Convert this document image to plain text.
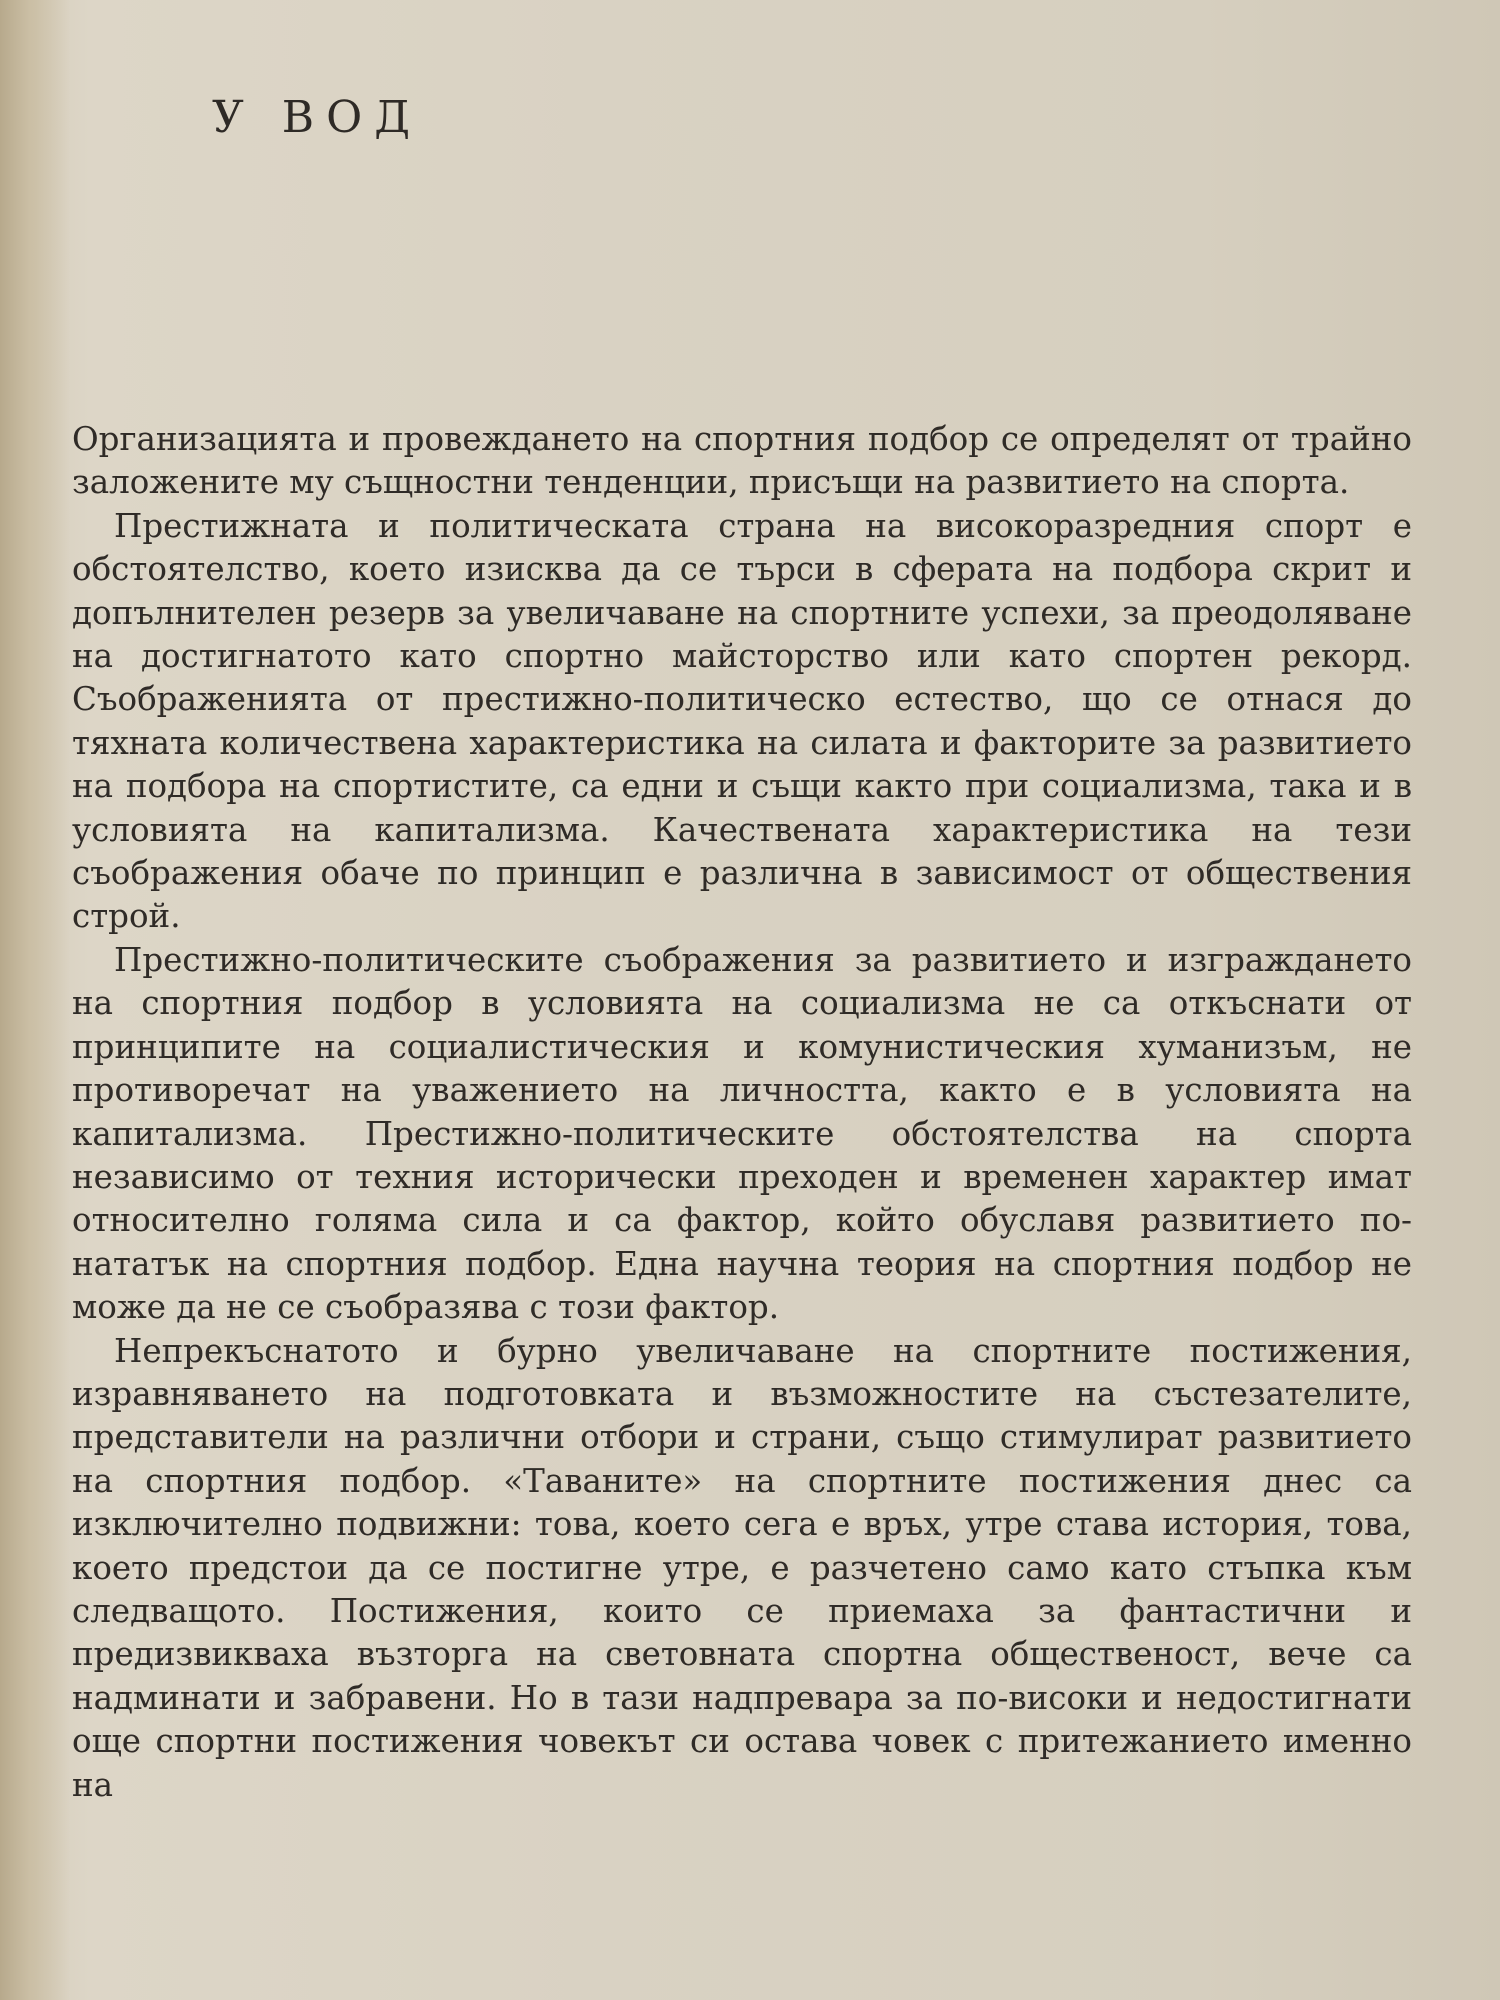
У ВОД

Организацията и провеждането на спортния подбор се определят от трайно заложените му същностни тенденции, присъщи на развитието на спорта.

Престижната и политическата страна на високоразредния спорт е обстоятелство, което изисква да се търси в сферата на подбора скрит и допълнителен резерв за увеличаване на спортните успехи, за преодоляване на достигнатото като спортно майсторство или като спортен рекорд. Съображенията от престижно-политическо естество, що се отнася до тяхната количествена характеристика на силата и факторите за развитието на подбора на спортистите, са едни и същи както при социализма, така и в условията на капитализма. Качествената характеристика на тези съображения обаче по принцип е различна в зависимост от обществения строй.

Престижно-политическите съображения за развитието и изграждането на спортния подбор в условията на социализма не са откъснати от принципите на социалистическия и комунистическия хуманизъм, не противоречат на уважението на личността, както е в условията на капитализма. Престижно-политическите обстоятелства на спорта независимо от техния исторически преходен и временен характер имат относително голяма сила и са фактор, който обуславя развитието по-нататък на спортния подбор. Една научна теория на спортния подбор не може да не се съобразява с този фактор.

Непрекъснатото и бурно увеличаване на спортните постижения, изравняването на подготовката и възможностите на състезателите, представители на различни отбори и страни, също стимулират развитието на спортния подбор. «Таваните» на спортните постижения днес са изключително подвижни: това, което сега е връх, утре става история, това, което предстои да се постигне утре, е разчетено само като стъпка към следващото. Постижения, които се приемаха за фантастични и предизвикваха възторга на световната спортна общественост, вече са надминати и забравени. Но в тази надпревара за по-високи и недостигнати още спортни постижения човекът си остава човек с притежанието именно на
